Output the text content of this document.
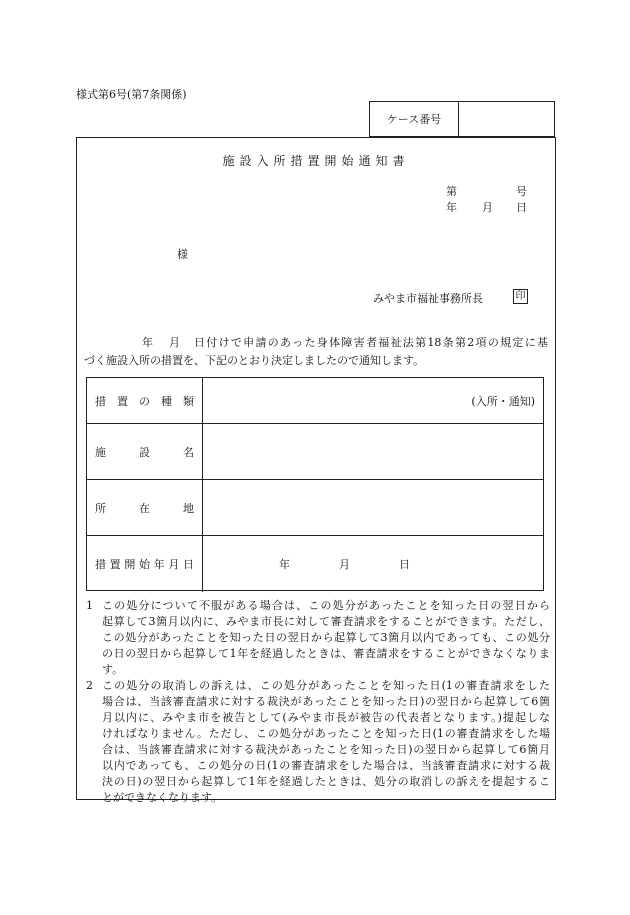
様式第6号(第7条関係)
ケース番号
施設入所措置開始通知書
第	号
年 月 日
様
みやま市福祉事務所長	印
年 月 日付けで申請のあった身体障害者福祉法第18条第2項の規定に基
づく施設入所の措置を、下記のとおり決定しましたので通知します。
措置の種類	(入所・通知)
施設名
所在地
措置開始年月日	年	月	日
1 この処分について不服がある場合は、この処分があったことを知った日の翌日から
起算して3箇月以内に、みやま市長に対して審査請求をすることができます。ただし、
この処分があったことを知った日の翌日から起算して3箇月以内であっても、この処分
の日の翌日から起算して1年を経過したときは、審査請求をすることができなくなりま
す。
2 この処分の取消しの訴えは、この処分があったことを知った日(1の審査請求をした
場合は、当該審査請求に対する裁決があったことを知った日)の翌日から起算して6箇
月以内に、みやま市を被告として(みやま市長が被告の代表者となります。)提起しな
ければなりません。ただし、この処分があったことを知った日(1の審査請求をした場
合は、当該審査請求に対する裁決があったことを知った日)の翌日から起算して6箇月
以内であっても、この処分の日(1の審査請求をした場合は、当該審査請求に対する裁
決の日)の翌日から起算して1年を経過したときは、処分の取消しの訴えを提起するこ
とができなくなります。
